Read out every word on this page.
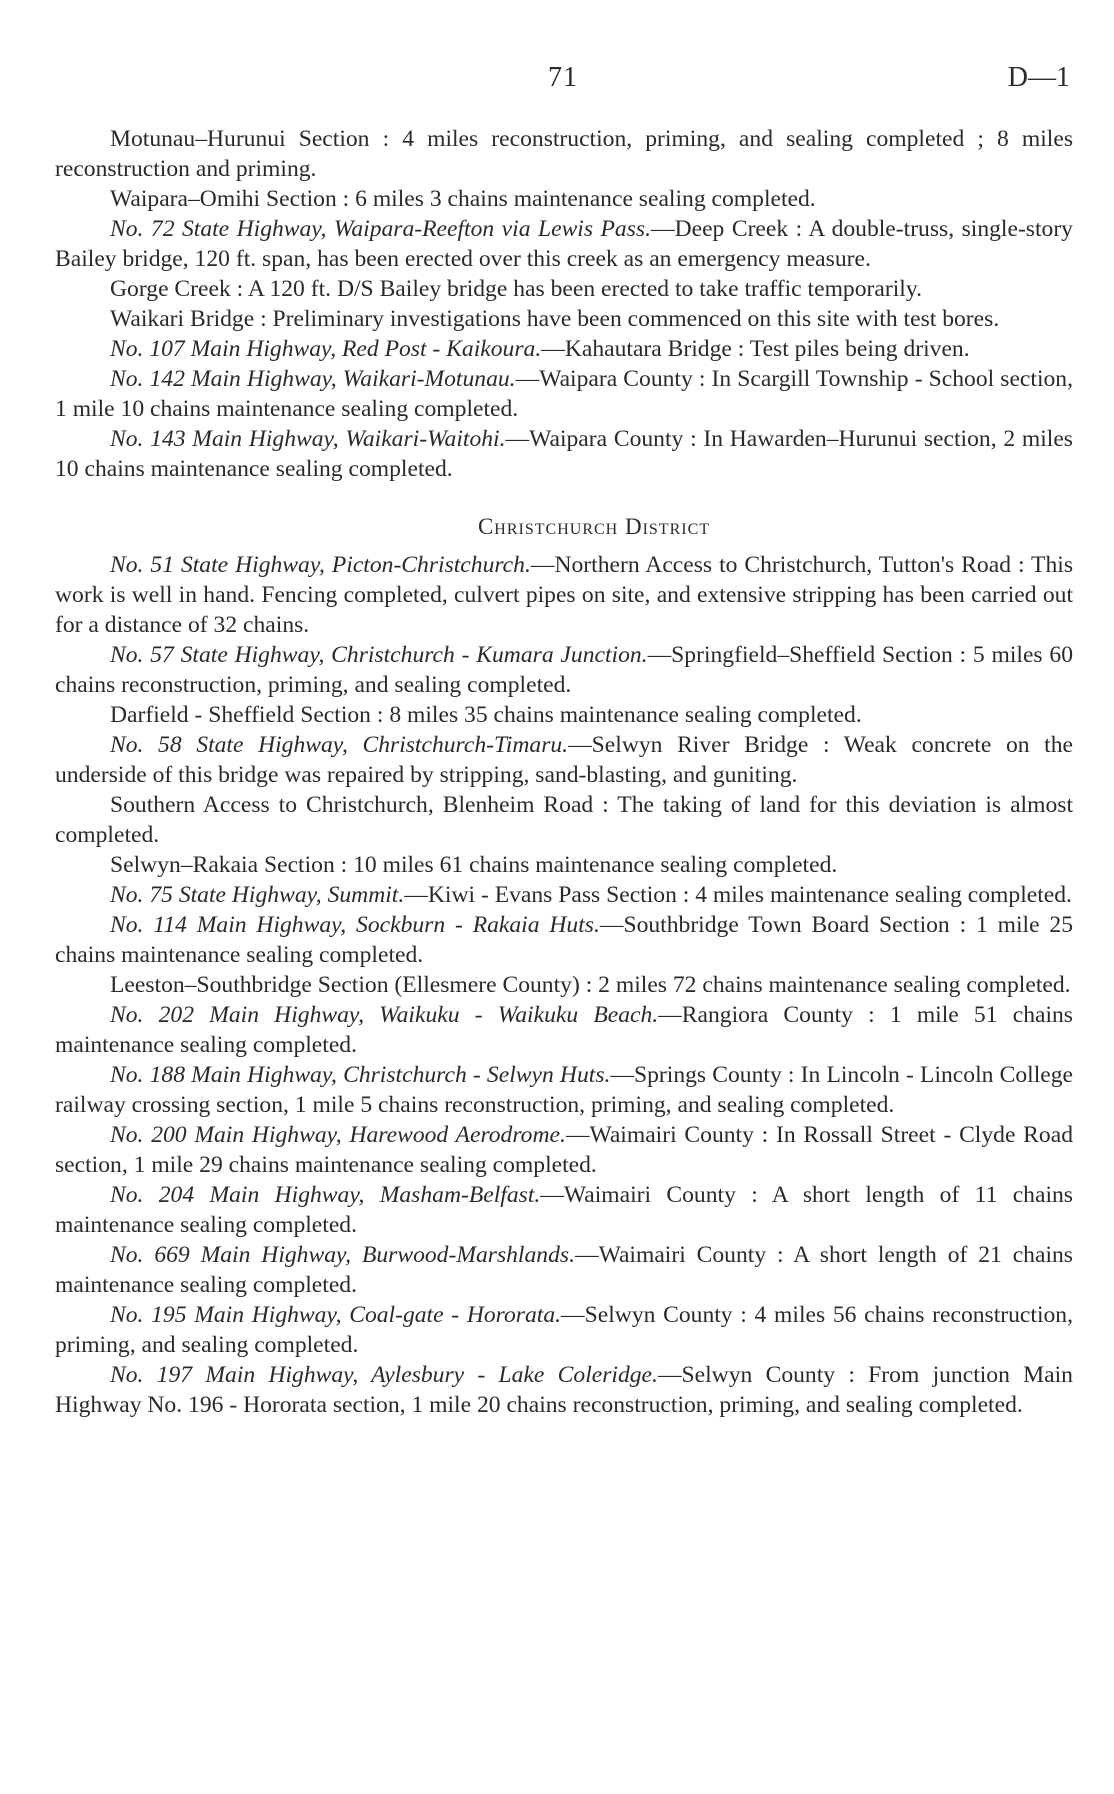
71	D—1

Motunau–Hurunui Section : 4 miles reconstruction, priming, and sealing completed ; 8 miles reconstruction and priming.

Waipara–Omihi Section : 6 miles 3 chains maintenance sealing completed.

No. 72 State Highway, Waipara-Reefton via Lewis Pass.—Deep Creek : A double-truss, single-story Bailey bridge, 120 ft. span, has been erected over this creek as an emergency measure.

Gorge Creek : A 120 ft. D/S Bailey bridge has been erected to take traffic temporarily.

Waikari Bridge : Preliminary investigations have been commenced on this site with test bores.

No. 107 Main Highway, Red Post - Kaikoura.—Kahautara Bridge : Test piles being driven.

No. 142 Main Highway, Waikari-Motunau.—Waipara County : In Scargill Township - School section, 1 mile 10 chains maintenance sealing completed.

No. 143 Main Highway, Waikari-Waitohi.—Waipara County : In Hawarden–Hurunui section, 2 miles 10 chains maintenance sealing completed.

Christchurch District

No. 51 State Highway, Picton-Christchurch.—Northern Access to Christchurch, Tutton's Road : This work is well in hand. Fencing completed, culvert pipes on site, and extensive stripping has been carried out for a distance of 32 chains.

No. 57 State Highway, Christchurch - Kumara Junction.—Springfield–Sheffield Section : 5 miles 60 chains reconstruction, priming, and sealing completed.

Darfield - Sheffield Section : 8 miles 35 chains maintenance sealing completed.

No. 58 State Highway, Christchurch-Timaru.—Selwyn River Bridge : Weak concrete on the underside of this bridge was repaired by stripping, sand-blasting, and guniting.

Southern Access to Christchurch, Blenheim Road : The taking of land for this deviation is almost completed.

Selwyn–Rakaia Section : 10 miles 61 chains maintenance sealing completed.

No. 75 State Highway, Summit.—Kiwi - Evans Pass Section : 4 miles maintenance sealing completed.

No. 114 Main Highway, Sockburn - Rakaia Huts.—Southbridge Town Board Section : 1 mile 25 chains maintenance sealing completed.

Leeston–Southbridge Section (Ellesmere County) : 2 miles 72 chains maintenance sealing completed.

No. 202 Main Highway, Waikuku - Waikuku Beach.—Rangiora County : 1 mile 51 chains maintenance sealing completed.

No. 188 Main Highway, Christchurch - Selwyn Huts.—Springs County : In Lincoln - Lincoln College railway crossing section, 1 mile 5 chains reconstruction, priming, and sealing completed.

No. 200 Main Highway, Harewood Aerodrome.—Waimairi County : In Rossall Street - Clyde Road section, 1 mile 29 chains maintenance sealing completed.

No. 204 Main Highway, Masham-Belfast.—Waimairi County : A short length of 11 chains maintenance sealing completed.

No. 669 Main Highway, Burwood-Marshlands.—Waimairi County : A short length of 21 chains maintenance sealing completed.

No. 195 Main Highway, Coal-gate - Hororata.—Selwyn County : 4 miles 56 chains reconstruction, priming, and sealing completed.

No. 197 Main Highway, Aylesbury - Lake Coleridge.—Selwyn County : From junction Main Highway No. 196 - Hororata section, 1 mile 20 chains reconstruction, priming, and sealing completed.
